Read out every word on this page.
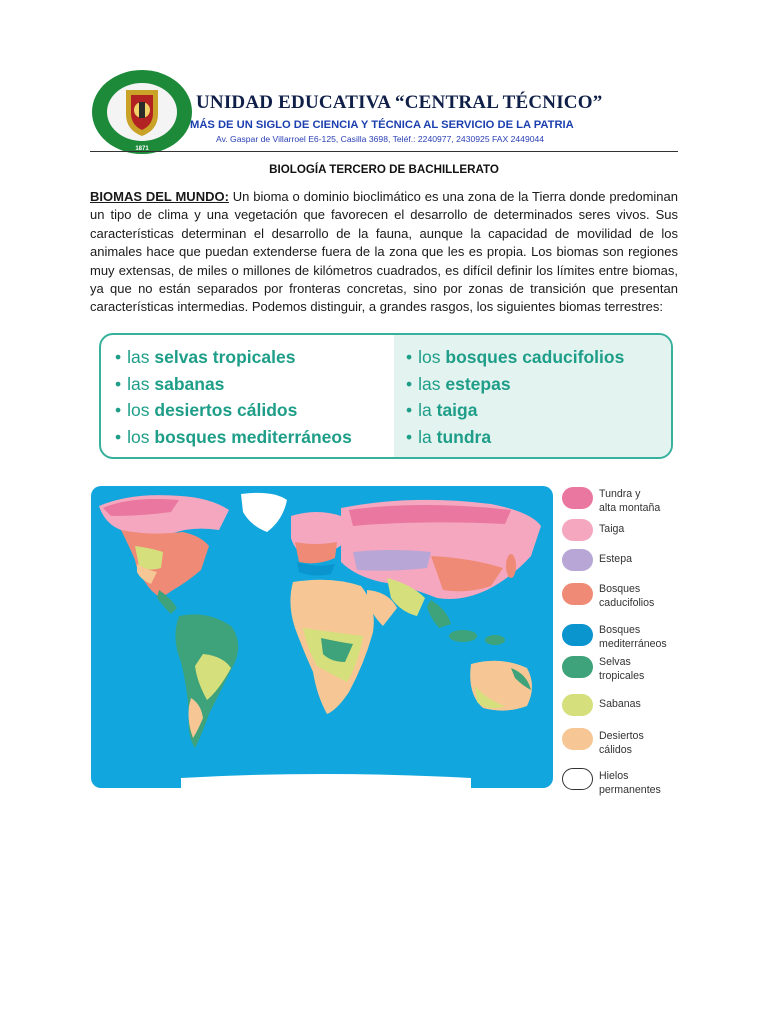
1871
UNIDAD EDUCATIVA “CENTRAL TÉCNICO”
MÁS DE UN SIGLO DE CIENCIA Y TÉCNICA AL SERVICIO DE LA PATRIA
Av. Gaspar de Villarroel E6-125, Casilla 3698, Teléf.: 2240977, 2430925 FAX 2449044
BIOLOGÍA TERCERO DE BACHILLERATO
BIOMAS DEL MUNDO: Un bioma o dominio bioclimático es una zona de la Tierra donde predominan un tipo de clima y una vegetación que favorecen el desarrollo de determinados seres vivos. Sus características determinan el desarrollo de la fauna, aunque la capacidad de movilidad de los animales hace que puedan extenderse fuera de la zona que les es propia. Los biomas son regiones muy extensas, de miles o millones de kilómetros cuadrados, es difícil definir los límites entre biomas, ya que no están separados por fronteras concretas, sino por zonas de transición que presentan características intermedias. Podemos distinguir, a grandes rasgos, los siguientes biomas terrestres:
• las selvas tropicales
• las sabanas
• los desiertos cálidos
• los bosques mediterráneos
• los bosques caducifolios
• las estepas
• la taiga
• la tundra
Tundra y
alta montaña
Taiga
Estepa
Bosques
caducifolios
Bosques
mediterráneos
Selvas
tropicales
Sabanas
Desiertos
cálidos
Hielos
permanentes
